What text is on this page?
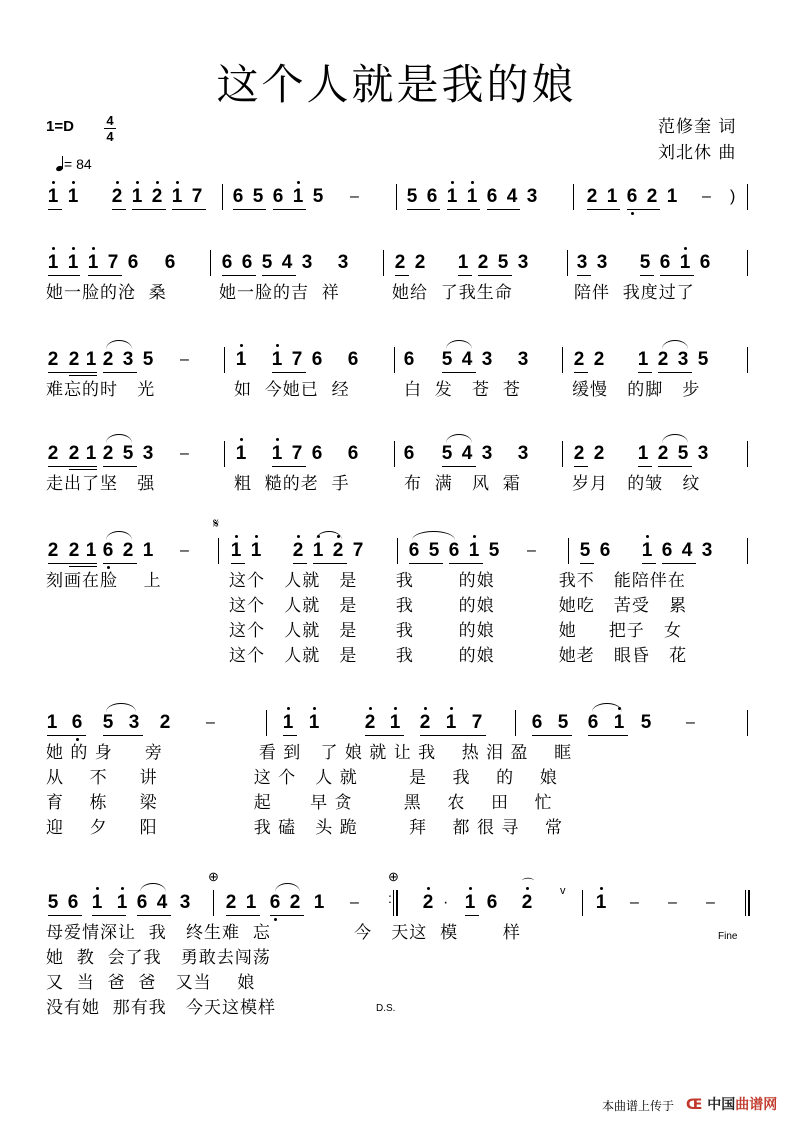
这个人就是我的娘
范修奎 词
刘北休 曲
1=D 4
4
= 84
1 1 2 1 2 1 7 6 5 6 1 5 –	5 6 1 1 6 4 3	2 1 6 2 1 – )
1 1 1 7 6 6 6 6 5 4 3 3 2 2 1 2 5 3	3 3 5 6 1 6
她一脸的沧  桑	她一脸的吉  祥	她给  了我生命	陪伴  我度过了
2 2 1 2 3 5 – 1 1 7 6 6 6 5 4 3 3 2 2 1 2 3 5
难忘的时   光	如  今她已  经	白  发   苍  苍	缓慢   的脚   步
2 2 1 2 5 3 – 1 1 7 6 6 6 5 4 3 3 2 2 1 2 5 3
走出了坚   强	粗  糙的老  手	布  满   风  霜	岁月   的皱   纹
2 2 1 6 2 1 – 1 1 2 1 2 7 6 5 6 1 5 – 5 6 1 6 4 3
刻画在脸    上	这个   人就   是      我       的娘          我不   能陪伴在
这个   人就   是      我       的娘          她吃   苦受   累
这个   人就   是      我       的娘          她     把子   女
这个   人就   是      我       的娘          她老   眼昏   花
𝄋
1 6 5 3 2 –	1 1 2 1 2 1 7	6 5 6 1 5 –
她 的 身     旁               看 到   了 娘 就 让 我    热 泪 盈    眶
从    不     讲               这 个   人 就        是    我    的    娘
育    栋     梁               起      早 贪        黑    农    田    忙
迎    夕     阳               我 磕   头 跪        拜    都 很 寻    常
5 6 1 1 6 4 3 2 1 6 2 1 –	2 · 1 6 2	1 – – –
母爱情深让  我   终生难  忘             今   天这  模       样
她  教  会了我   勇敢去闯荡
又  当  爸  爸   又当    娘
没有她  那有我   今天这模样
⊕	⊕	⌒ v
:
D.S.
Fine
本曲谱上传于 Œ 中国曲谱网
